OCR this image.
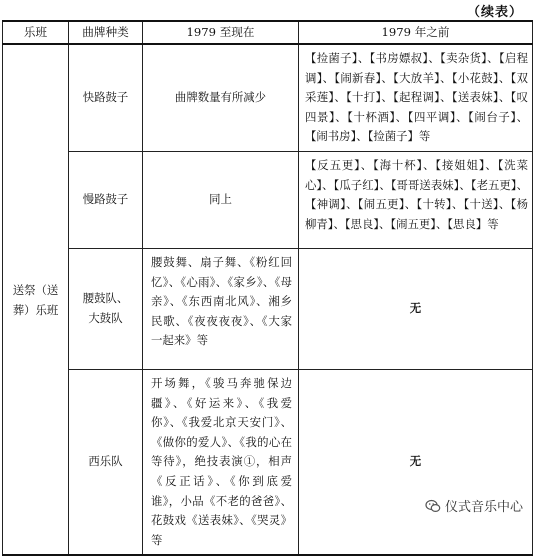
（续表）
乐班	曲牌种类	1979 至现在	1979 年之前

送祭（送葬）乐班	快路鼓子	曲牌数量有所减少	【捡菌子】、【书房嫖叔】、【卖杂货】、【启程调】、【闹新春】、【大放羊】、【小花鼓】、【双采莲】、【十打】、【起程调】、【送表妹】、【叹四景】、【十杯酒】、【四平调】、【闹台子】、【闹书房】、【捡菌子】等
	慢路鼓子	同上	【反五更】、【海十杯】、【接姐姐】、【洗菜心】、【瓜子红】、【哥哥送表妹】、【老五更】、【神调】、【闹五更】、【十转】、【十送】、【杨柳青】、【思良】、【闹五更】、【思良】等

	腰鼓队、大鼓队	腰鼓舞、扇子舞、《粉红回忆》、《心雨》、《家乡》、《母亲》、《东西南北风》、湘乡民歌、《夜夜夜夜》、《大家一起来》等	无
	西乐队	开场舞，《骏马奔驰保边疆》、《好运来》、《我爱你》、《我爱北京天安门》、《做你的爱人》、《我的心在等待》，绝技表演①，相声《反正话》、《你到底爱谁》，小品《不老的爸爸》、花鼓戏《送表妹》、《哭灵》等	无
仪式音乐中心
